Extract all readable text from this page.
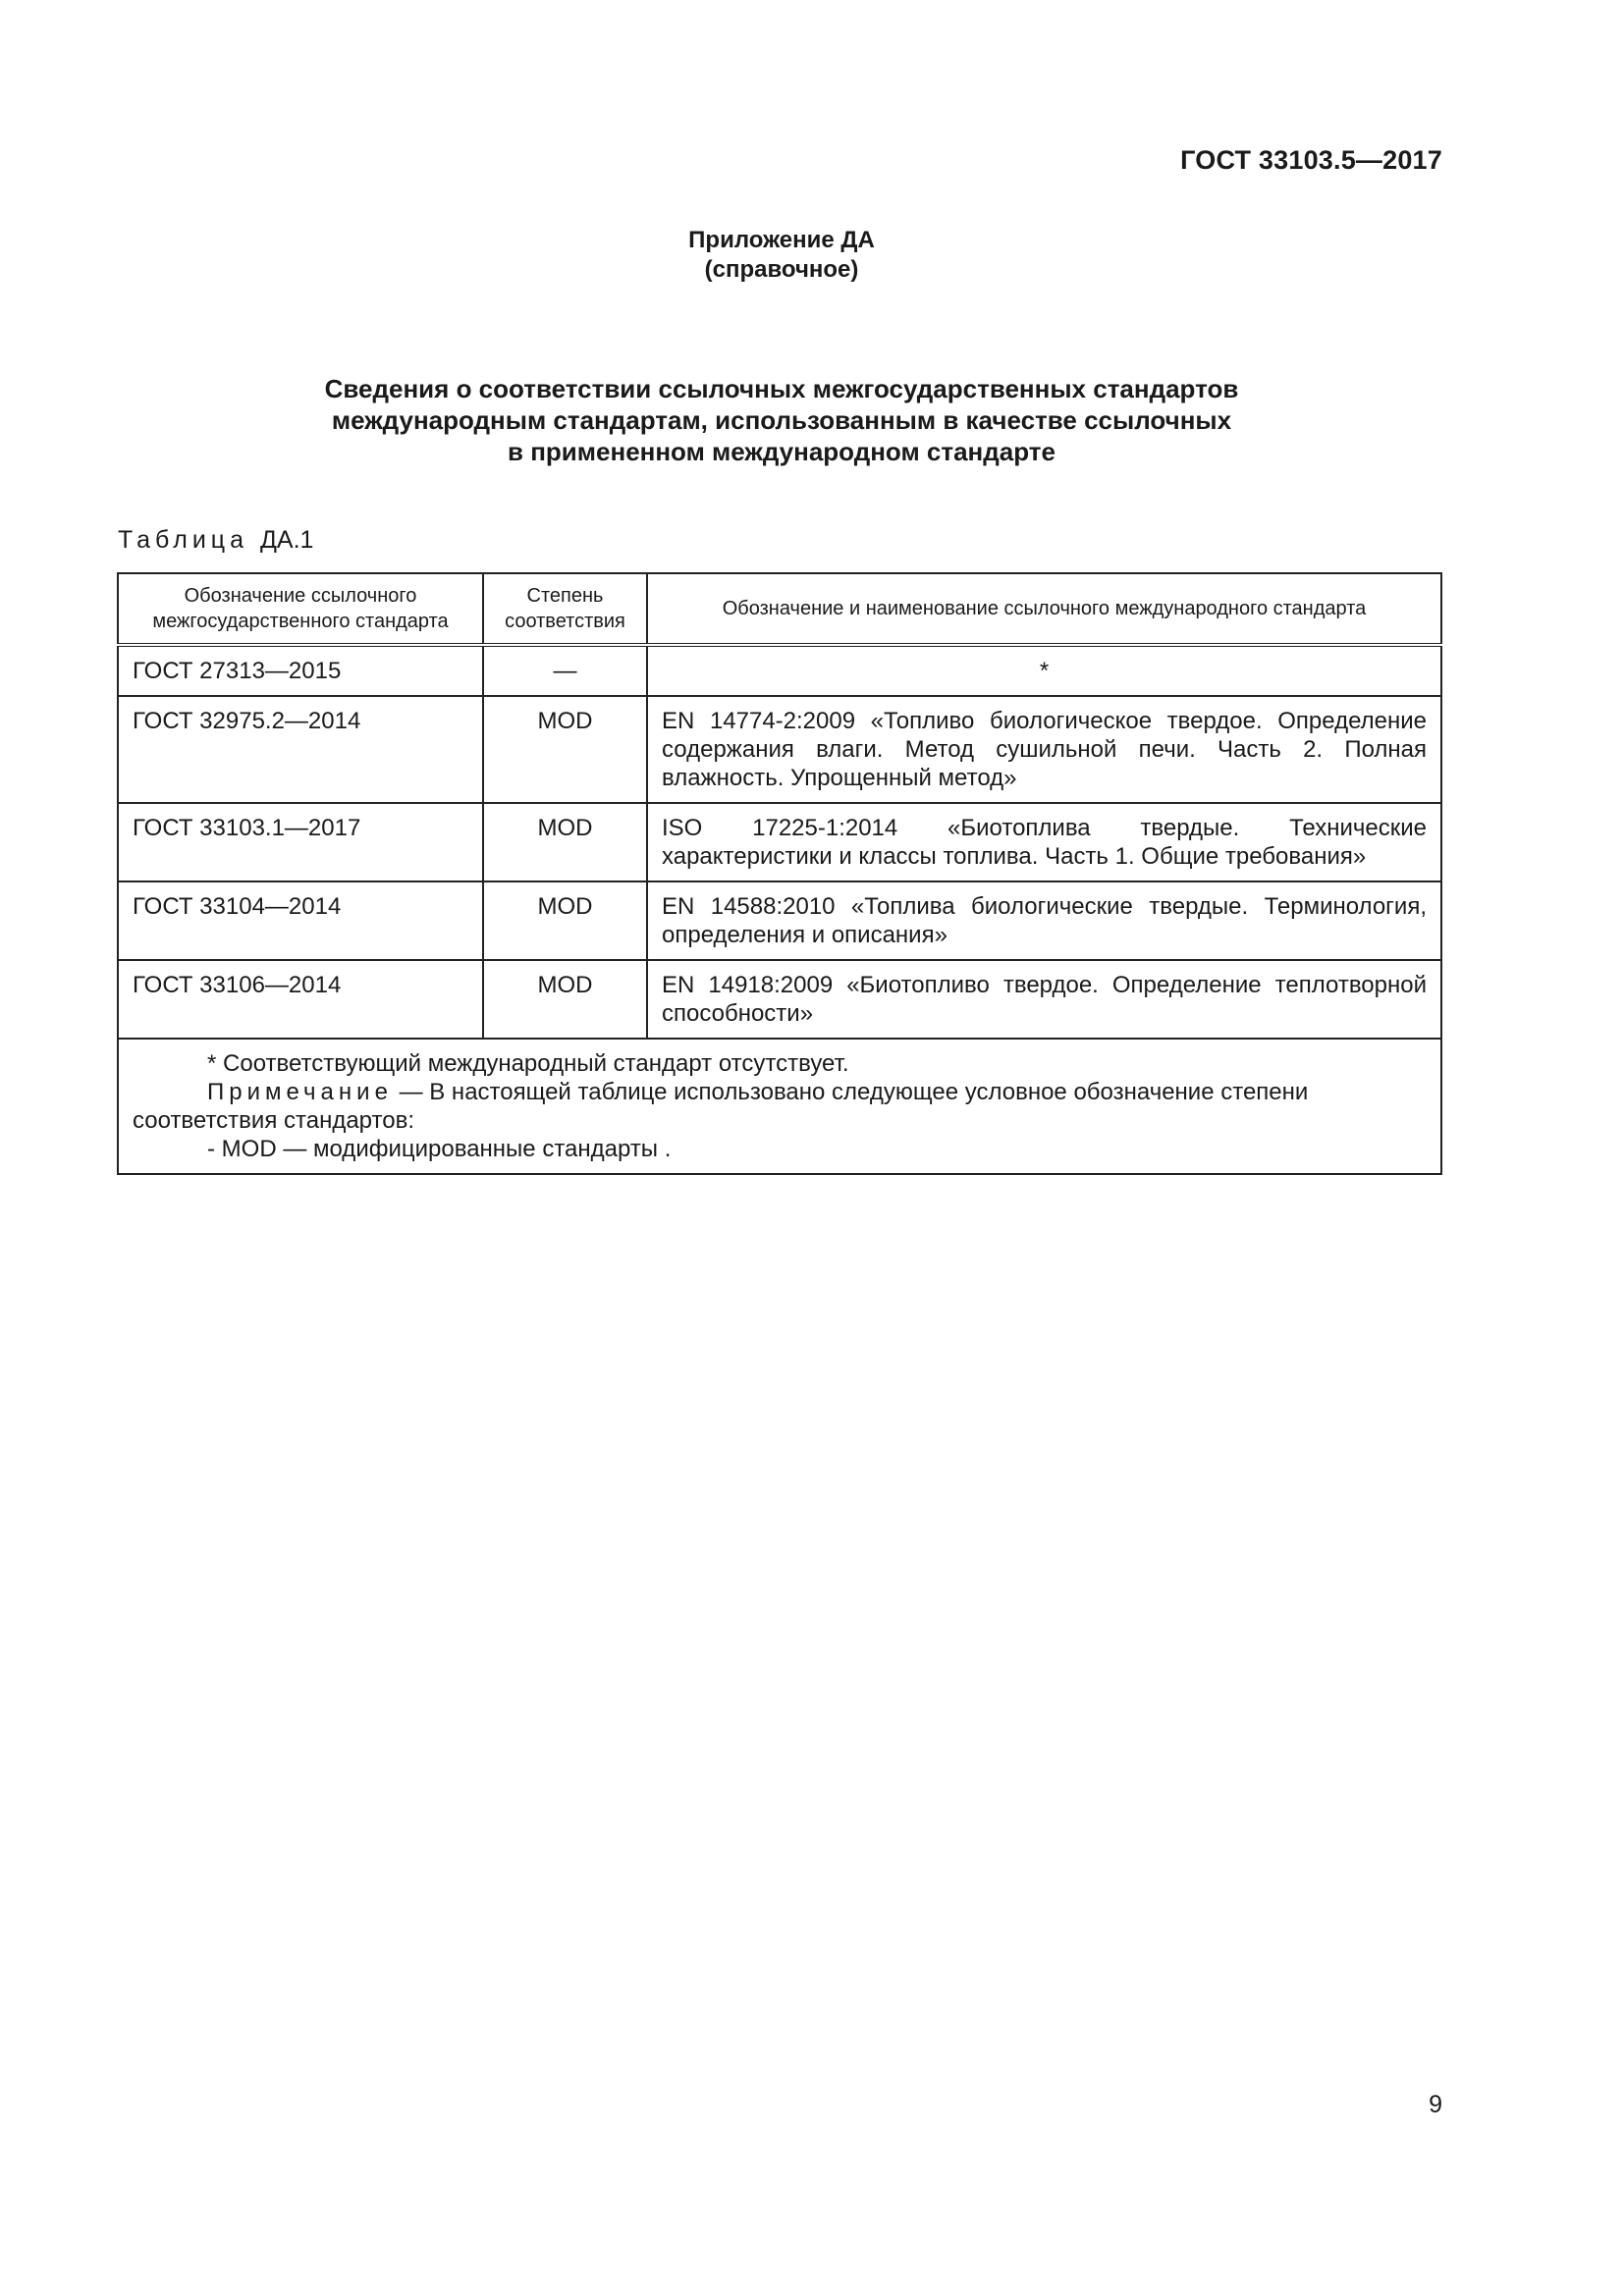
ГОСТ 33103.5—2017
Приложение ДА
(справочное)
Сведения о соответствии ссылочных межгосударственных стандартов
международным стандартам, использованным в качестве ссылочных
в примененном международном стандарте
Таблица ДА.1
Обозначение ссылочного межгосударственного стандарта	Степень соответствия	Обозначение и наименование ссылочного международного стандарта
ГОСТ 27313—2015	—	*
ГОСТ 32975.2—2014	MOD	EN 14774-2:2009 «Топливо биологическое твердое. Определение содержания влаги. Метод сушильной печи. Часть 2. Полная влажность. Упрощенный метод»
ГОСТ 33103.1—2017	MOD	ISO 17225-1:2014 «Биотоплива твердые. Технические характеристики и классы топлива. Часть 1. Общие требования»
ГОСТ 33104—2014	MOD	EN 14588:2010 «Топлива биологические твердые. Терминология, определения и описания»
ГОСТ 33106—2014	MOD	EN 14918:2009 «Биотопливо твердое. Определение теплотворной способности»

* Соответствующий международный стандарт отсутствует.
Примечание — В настоящей таблице использовано следующее условное обозначение степени соответствия стандартов:
- MOD — модифицированные стандарты .		
9
